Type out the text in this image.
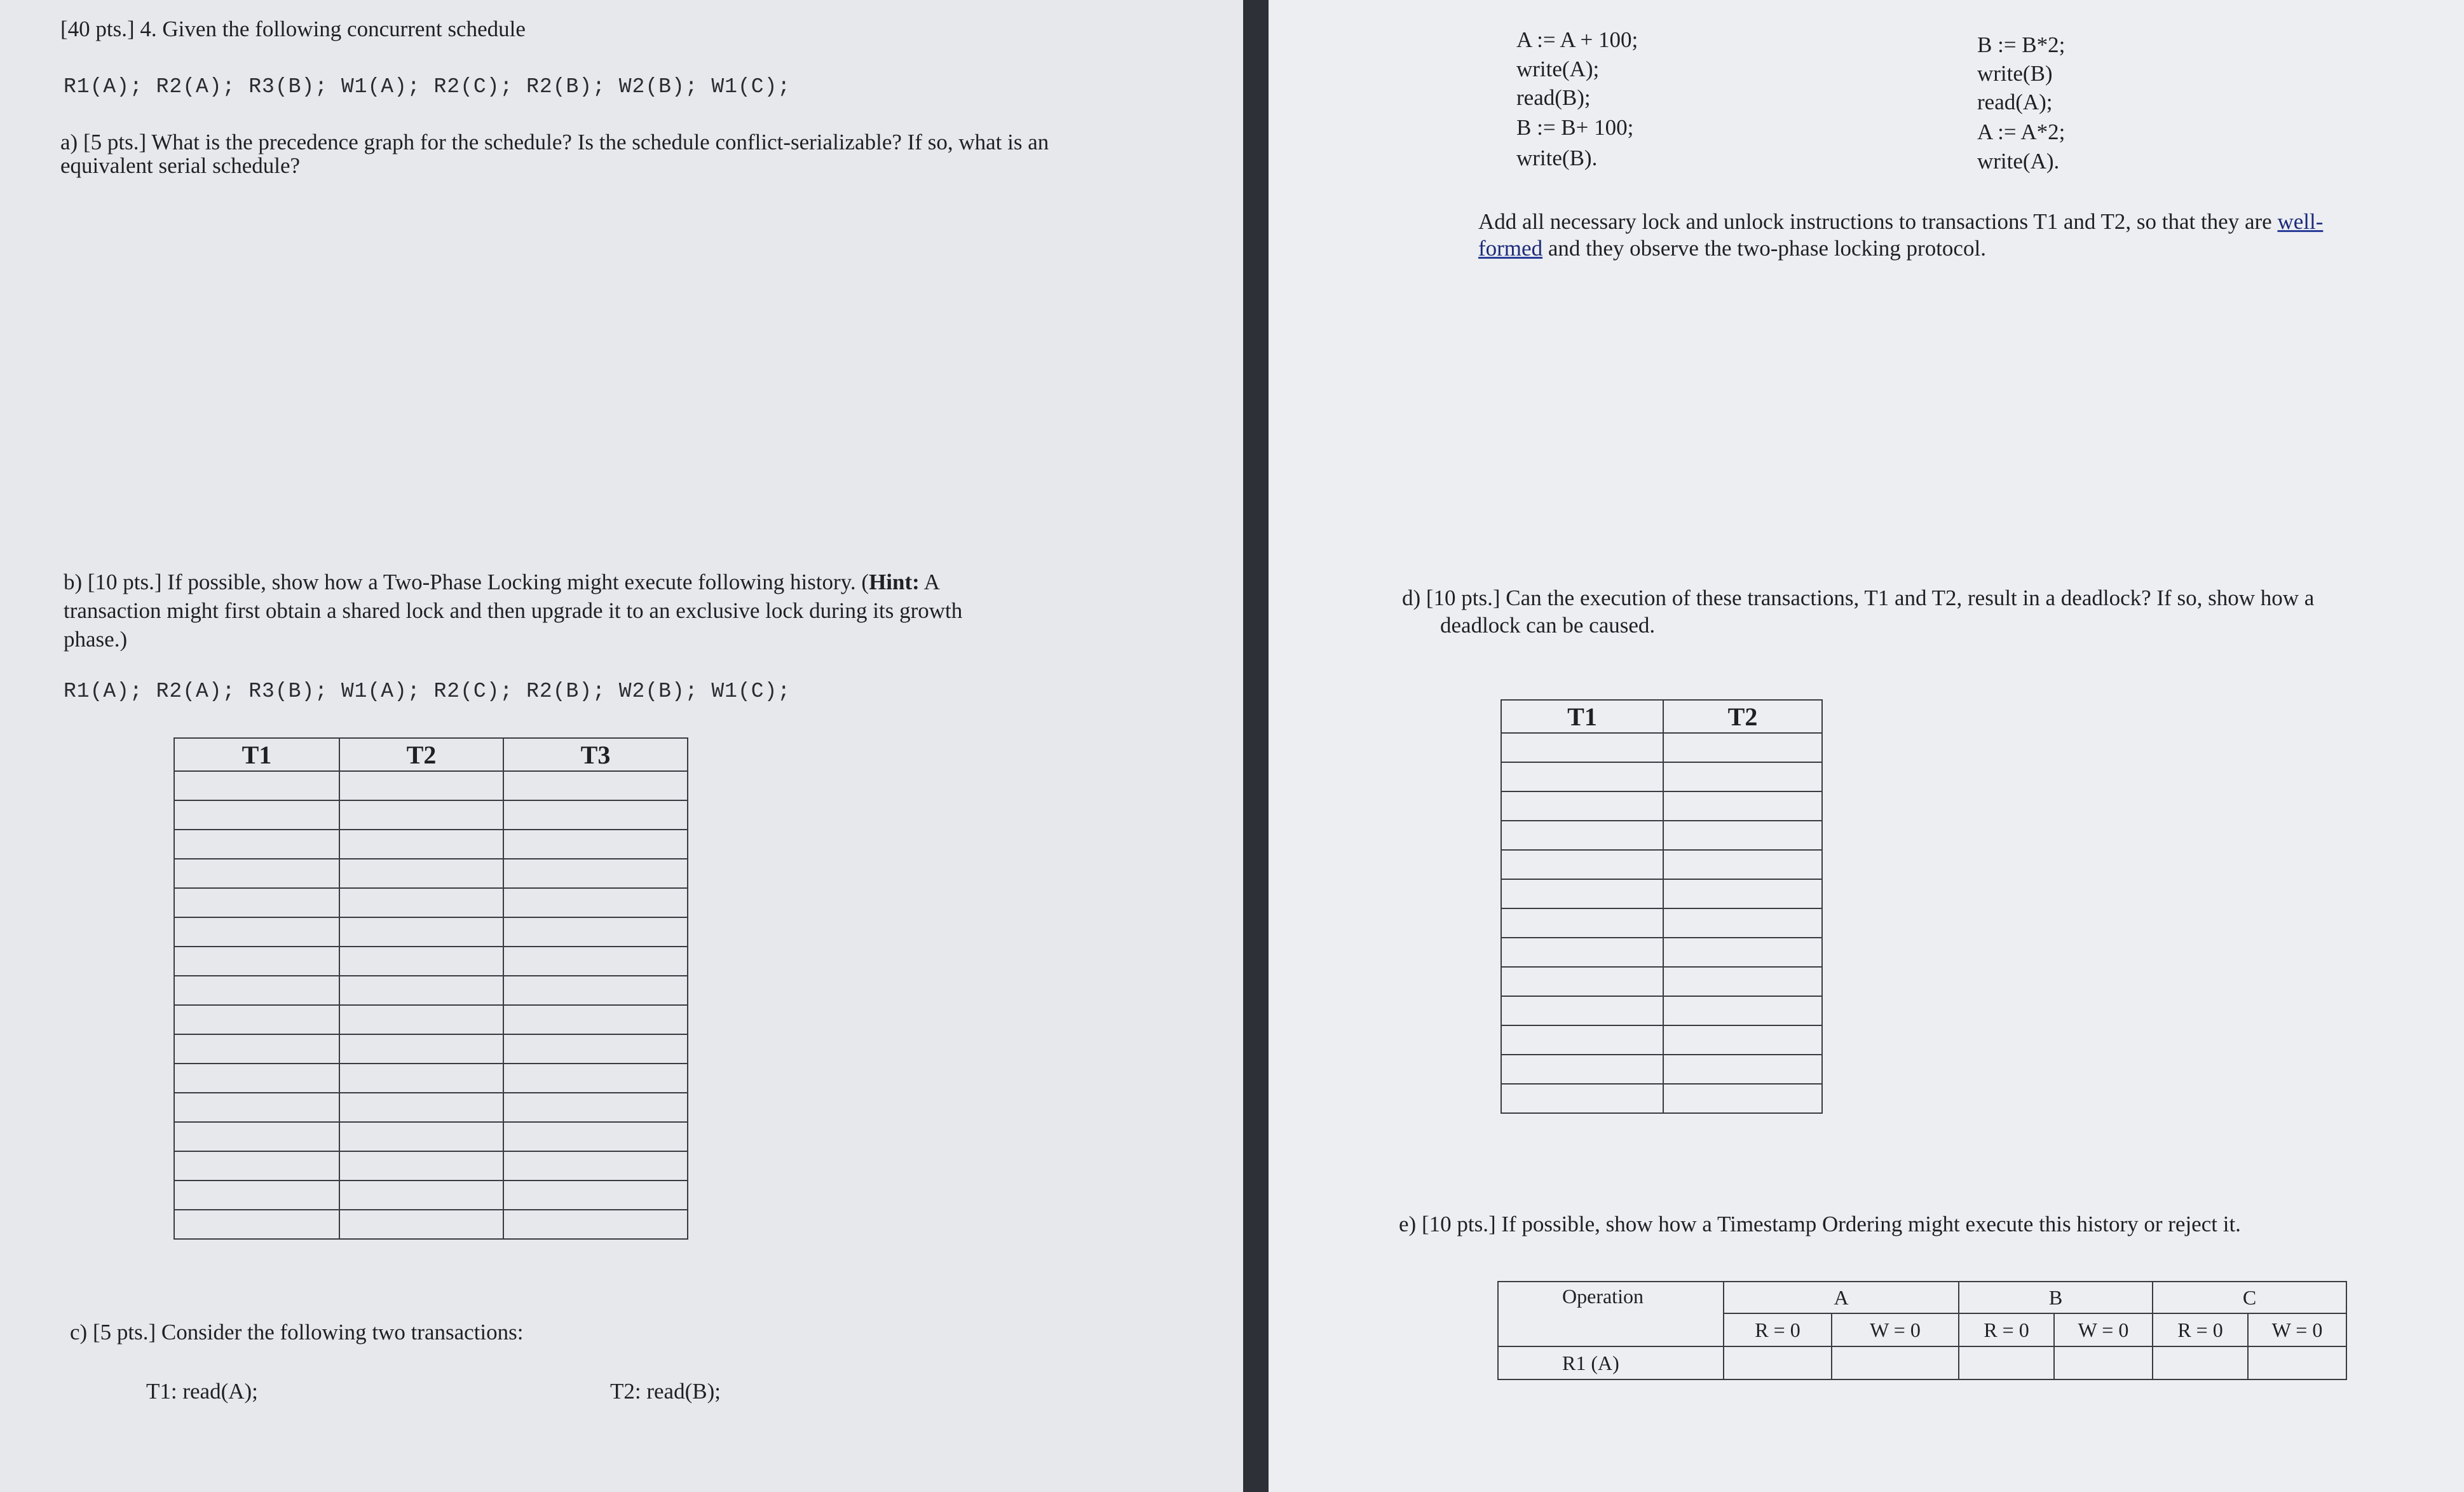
[40 pts.] 4. Given the following concurrent schedule
R1(A); R2(A); R3(B); W1(A); R2(C); R2(B); W2(B); W1(C);
a) [5 pts.] What is the precedence graph for the schedule? Is the schedule conflict-serializable? If so, what is an
equivalent serial schedule?
b) [10 pts.] If possible, show how a Two-Phase Locking might execute following history. (Hint: A
transaction might first obtain a shared lock and then upgrade it to an exclusive lock during its growth
phase.)
R1(A); R2(A); R3(B); W1(A); R2(C); R2(B); W2(B); W1(C);
T1	T2	T3

c) [5 pts.] Consider the following two transactions:
T1: read(A);	T2: read(B);
A := A + 100;
write(A);
read(B);
B := B+ 100;
write(B).
B := B*2;
write(B)
read(A);
A := A*2;
write(A).
Add all necessary lock and unlock instructions to transactions T1 and T2, so that they are well-
formed and they observe the two-phase locking protocol.
d) [10 pts.] Can the execution of these transactions, T1 and T2, result in a deadlock? If so, show how a
deadlock can be caused.
T1	T2

e) [10 pts.] If possible, show how a Timestamp Ordering might execute this history or reject it.
Operation	A		B		C	
	R = 0	W = 0	R = 0	W = 0	R = 0	W = 0
R1 (A)						
